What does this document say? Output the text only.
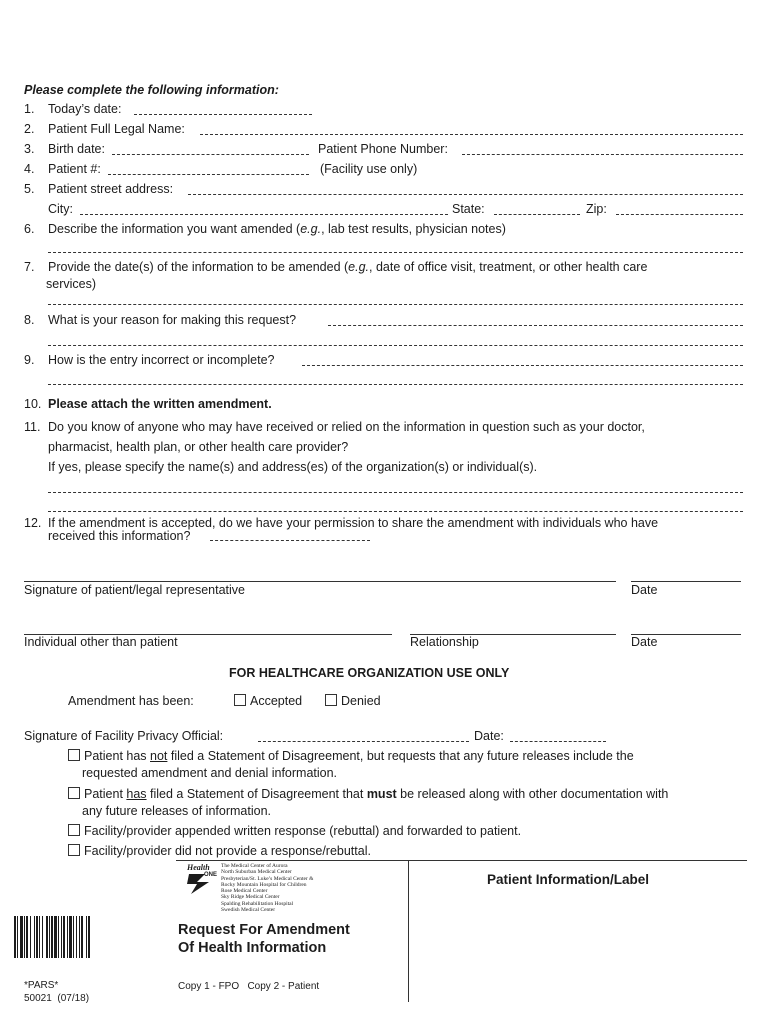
Please complete the following information:
1. Today’s date:
2. Patient Full Legal Name:
3. Birth date:	Patient Phone Number:
4. Patient #:	(Facility use only)
5. Patient street address:
City:	State:	Zip:
6. Describe the information you want amended (e.g., lab test results, physician notes)
7. Provide the date(s) of the information to be amended (e.g., date of office visit, treatment, or other health care
services)
8. What is your reason for making this request?
9. How is the entry incorrect or incomplete?
10. Please attach the written amendment.
11. Do you know of anyone who may have received or relied on the information in question such as your doctor,
pharmacist, health plan, or other health care provider?
If yes, please specify the name(s) and address(es) of the organization(s) or individual(s).
12. If the amendment is accepted, do we have your permission to share the amendment with individuals who have
received this information?
Signature of patient/legal representative	Date
Individual other than patient	Relationship	Date
FOR HEALTHCARE ORGANIZATION USE ONLY
Amendment has been:	Accepted	Denied
Signature of Facility Privacy Official:	Date:
Patient has not filed a Statement of Disagreement, but requests that any future releases include the
requested amendment and denial information.
Patient has filed a Statement of Disagreement that must be released along with other documentation with
any future releases of information.
Facility/provider appended written response (rebuttal) and forwarded to patient.
Facility/provider did not provide a response/rebuttal.
Health
ONE
The Medical Center of Aurora
North Suburban Medical Center
Presbyterian/St. Luke’s Medical Center &
Rocky Mountain Hospital for Children
Rose Medical Center
Sky Ridge Medical Center
Spalding Rehabilitation Hospital
Swedish Medical Center
Request For Amendment
Of Health Information
Copy 1 - FPO   Copy 2 - Patient
*PARS*
50021  (07/18)
Patient Information/Label
